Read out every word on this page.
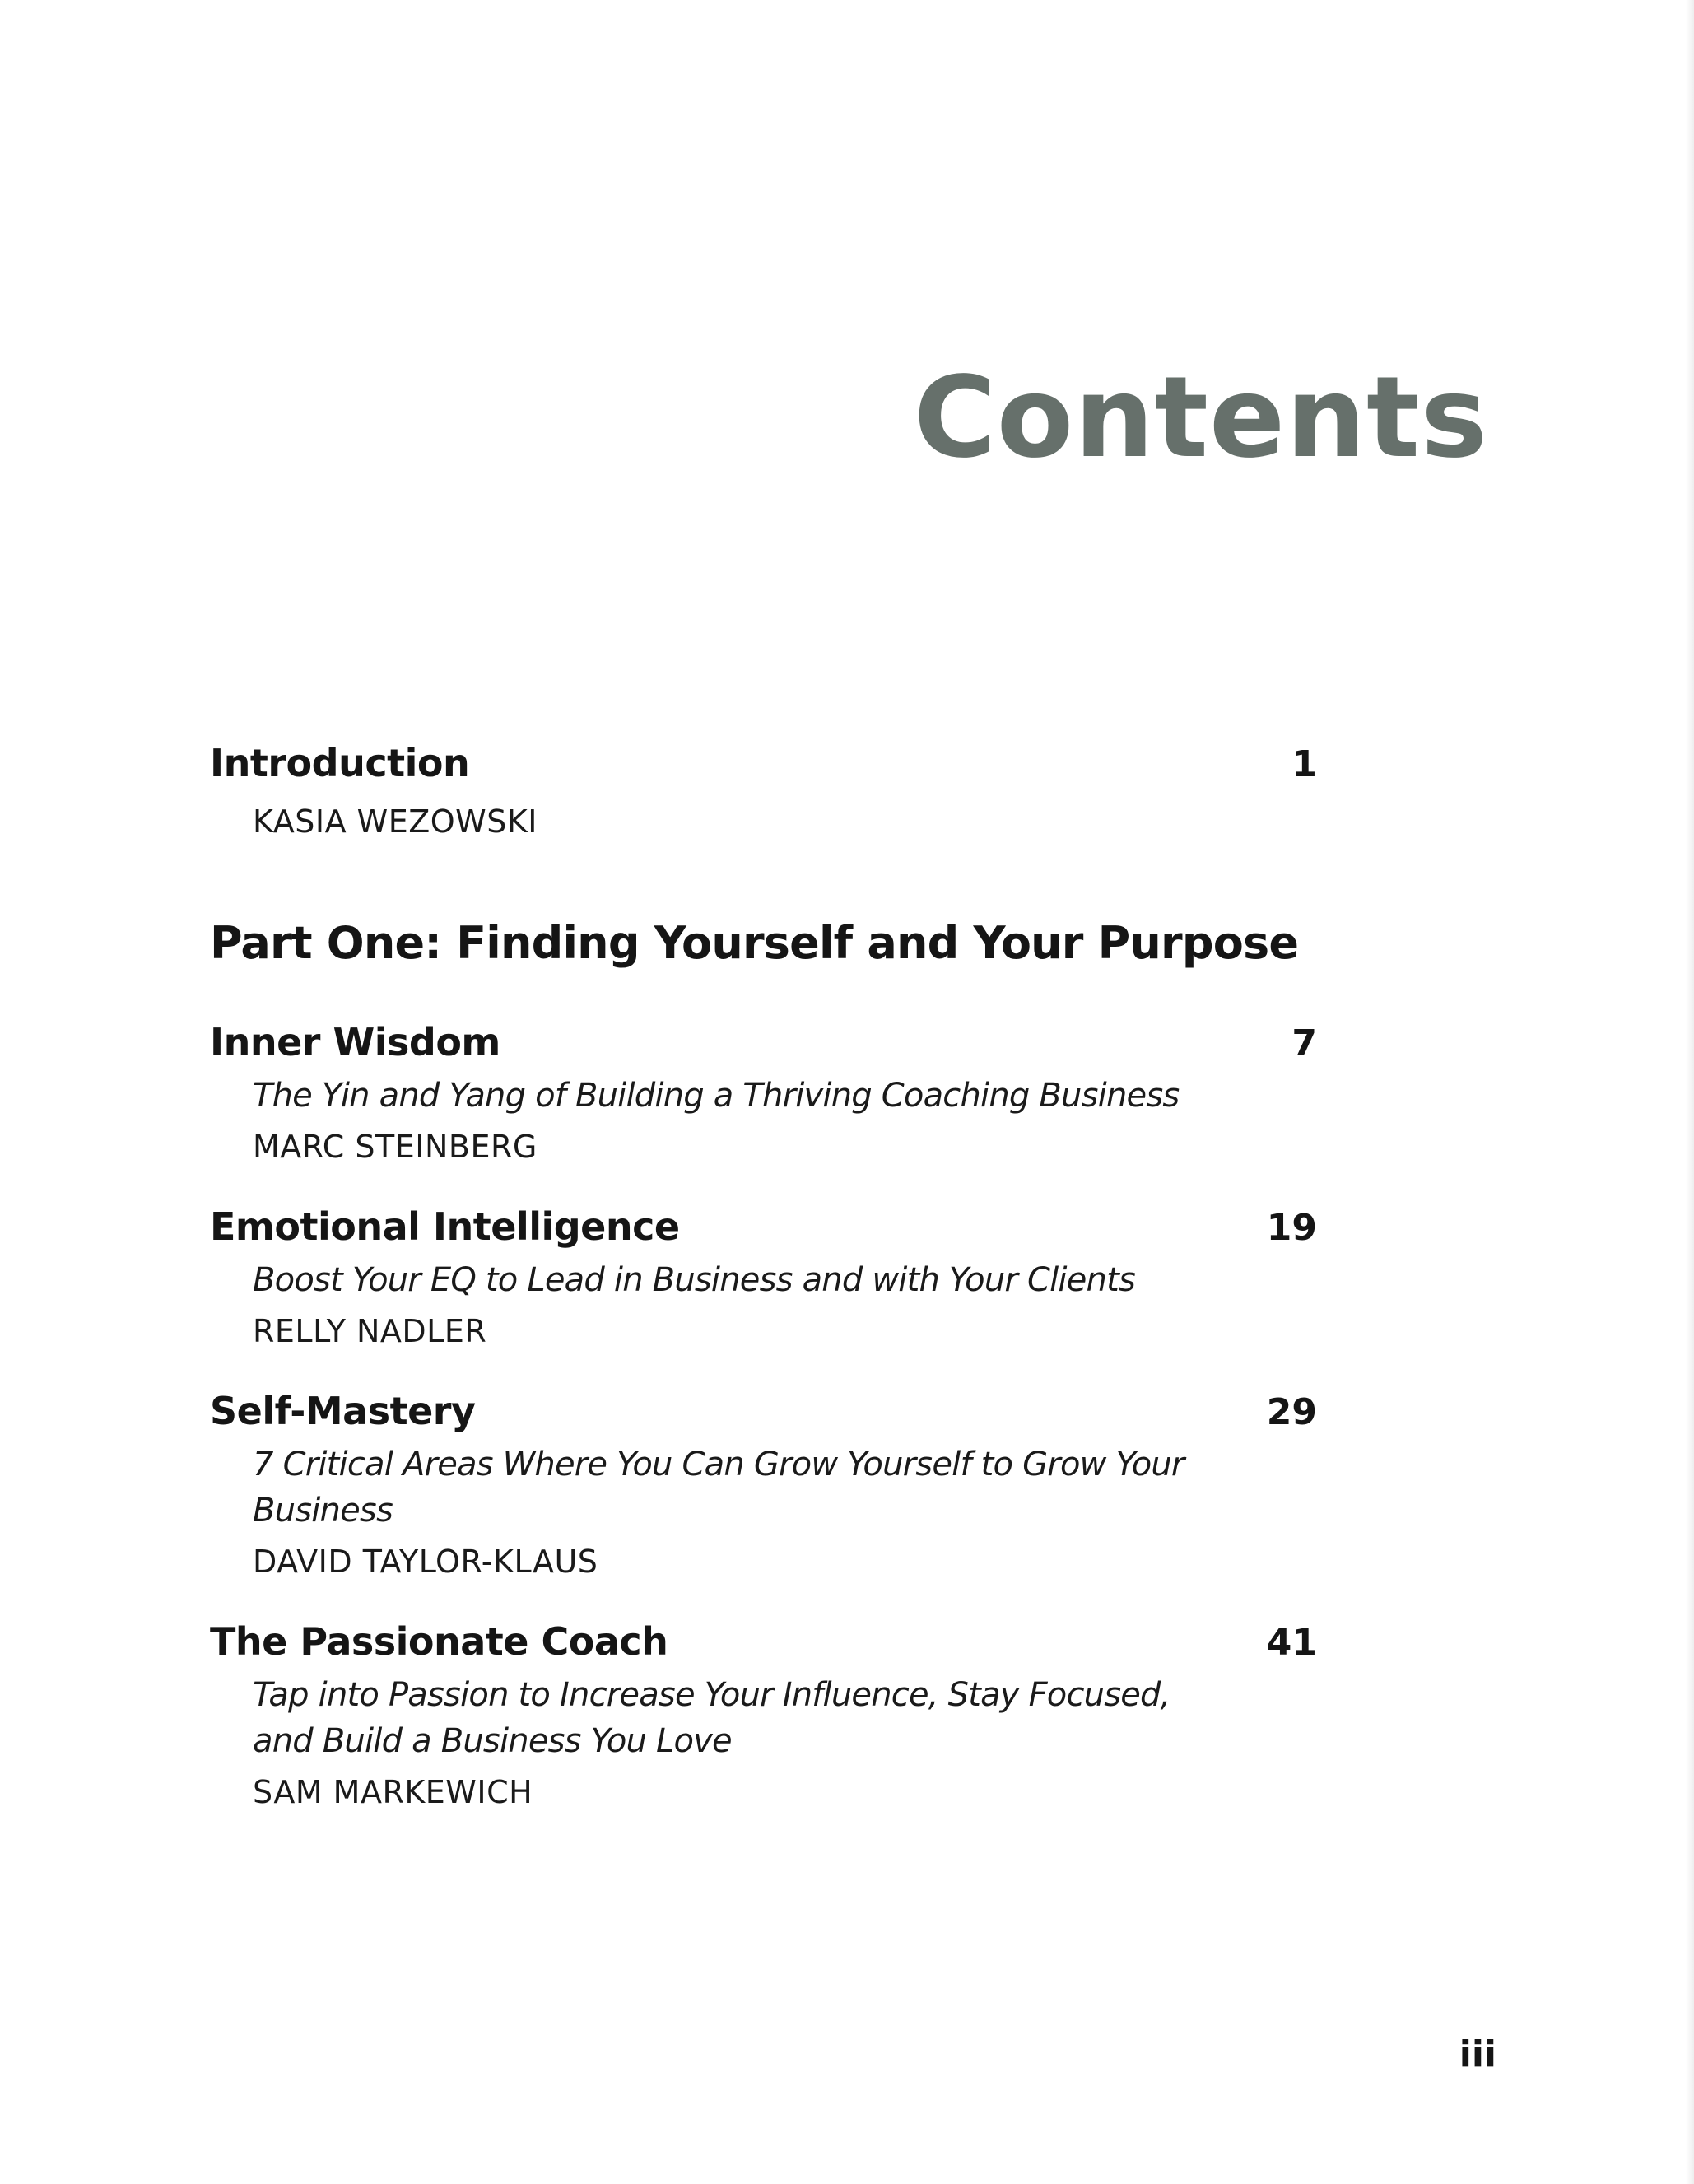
Contents
Introduction	1
KASIA WEZOWSKI
Part One: Finding Yourself and Your Purpose
Inner Wisdom	7
The Yin and Yang of Building a Thriving Coaching Business
MARC STEINBERG
Emotional Intelligence	19
Boost Your EQ to Lead in Business and with Your Clients
RELLY NADLER
Self-Mastery	29
7 Critical Areas Where You Can Grow Yourself to Grow Your Business
DAVID TAYLOR-KLAUS
The Passionate Coach	41
Tap into Passion to Increase Your Influence, Stay Focused, and Build a Business You Love
SAM MARKEWICH
iii
